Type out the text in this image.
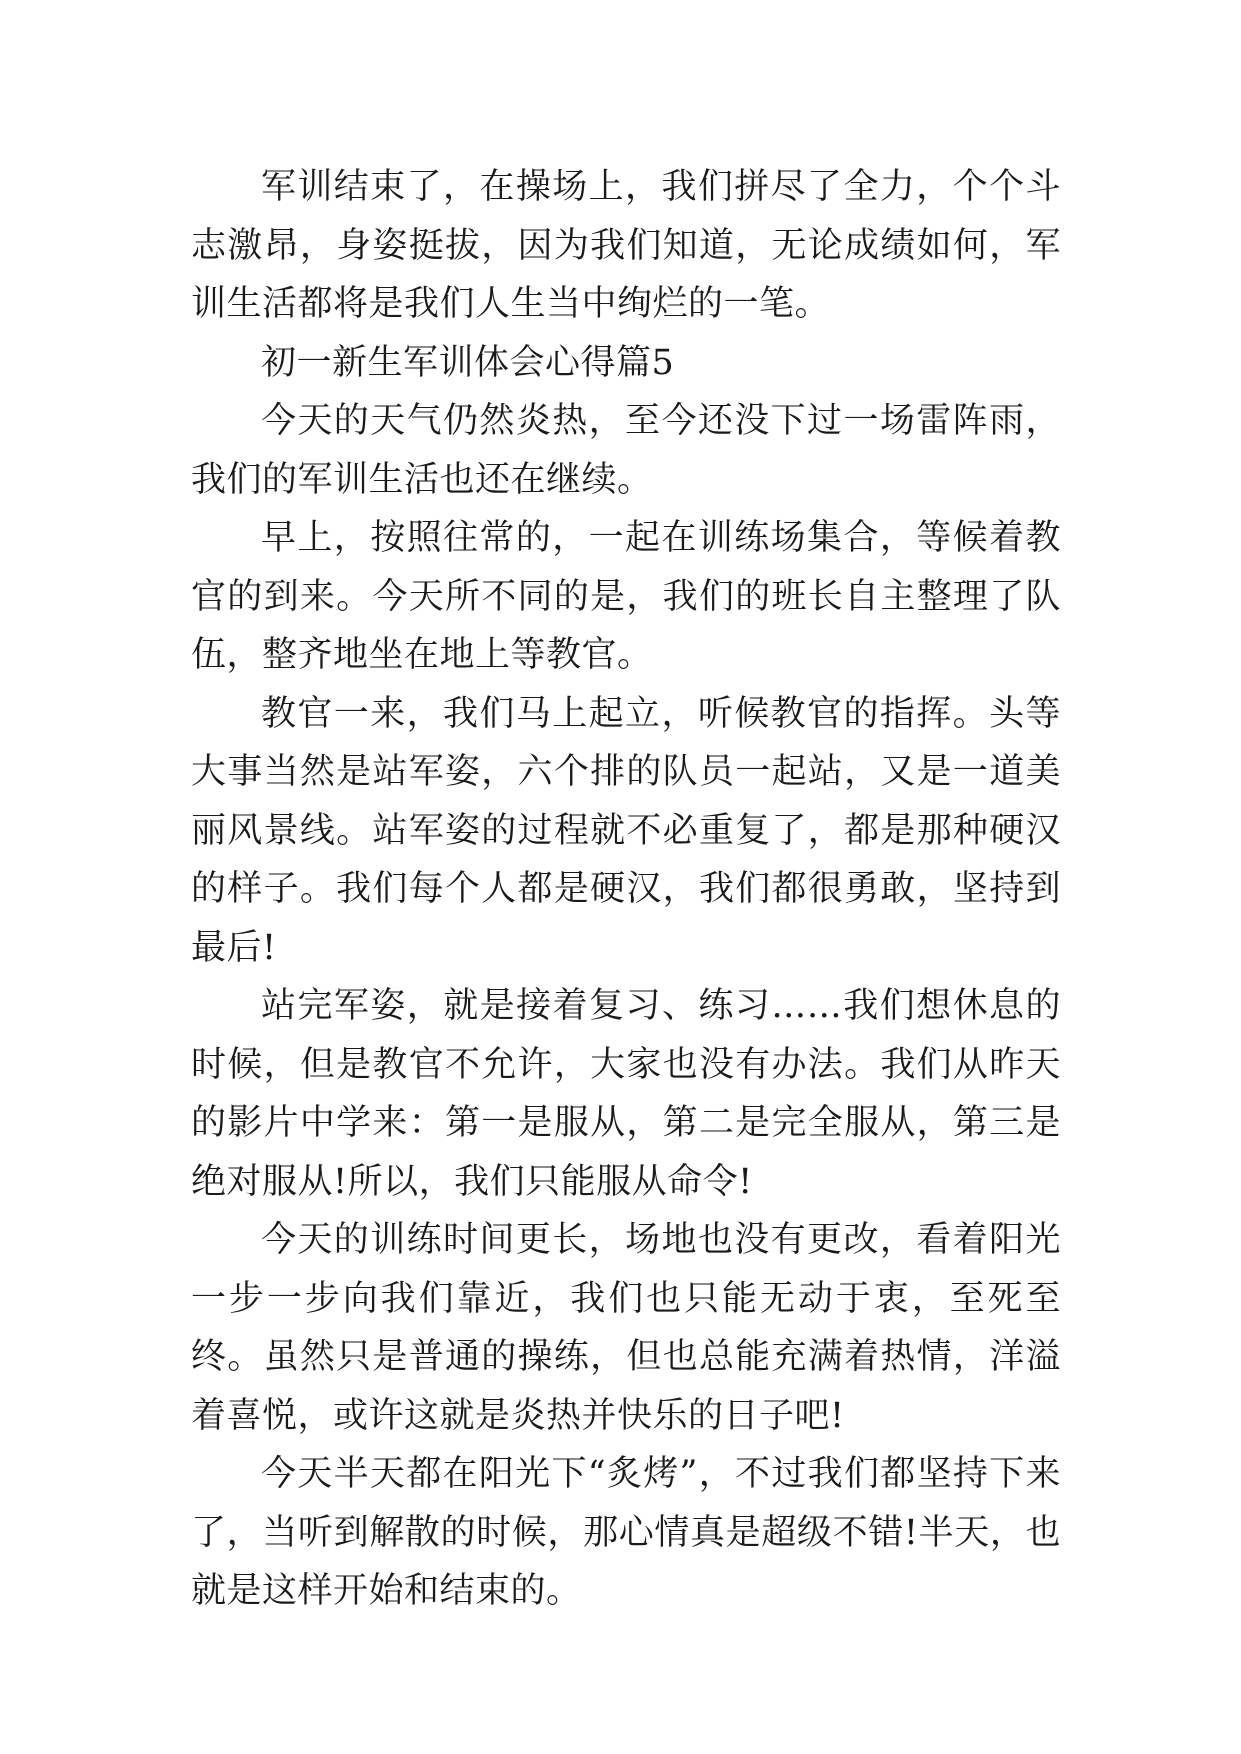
军训结束了，在操场上，我们拼尽了全力，个个斗志激昂，身姿挺拔，因为我们知道，无论成绩如何，军训生活都将是我们人生当中绚烂的一笔。

初一新生军训体会心得篇5

今天的天气仍然炎热，至今还没下过一场雷阵雨，我们的军训生活也还在继续。

早上，按照往常的，一起在训练场集合，等候着教官的到来。今天所不同的是，我们的班长自主整理了队伍，整齐地坐在地上等教官。

教官一来，我们马上起立，听候教官的指挥。头等大事当然是站军姿，六个排的队员一起站，又是一道美丽风景线。站军姿的过程就不必重复了，都是那种硬汉的样子。我们每个人都是硬汉，我们都很勇敢，坚持到最后!

站完军姿，就是接着复习、练习……我们想休息的时候，但是教官不允许，大家也没有办法。我们从昨天的影片中学来：第一是服从，第二是完全服从，第三是绝对服从!所以，我们只能服从命令!

今天的训练时间更长，场地也没有更改，看着阳光一步一步向我们靠近，我们也只能无动于衷，至死至终。虽然只是普通的操练，但也总能充满着热情，洋溢着喜悦，或许这就是炎热并快乐的日子吧!

今天半天都在阳光下“炙烤”，不过我们都坚持下来了，当听到解散的时候，那心情真是超级不错!半天，也就是这样开始和结束的。
